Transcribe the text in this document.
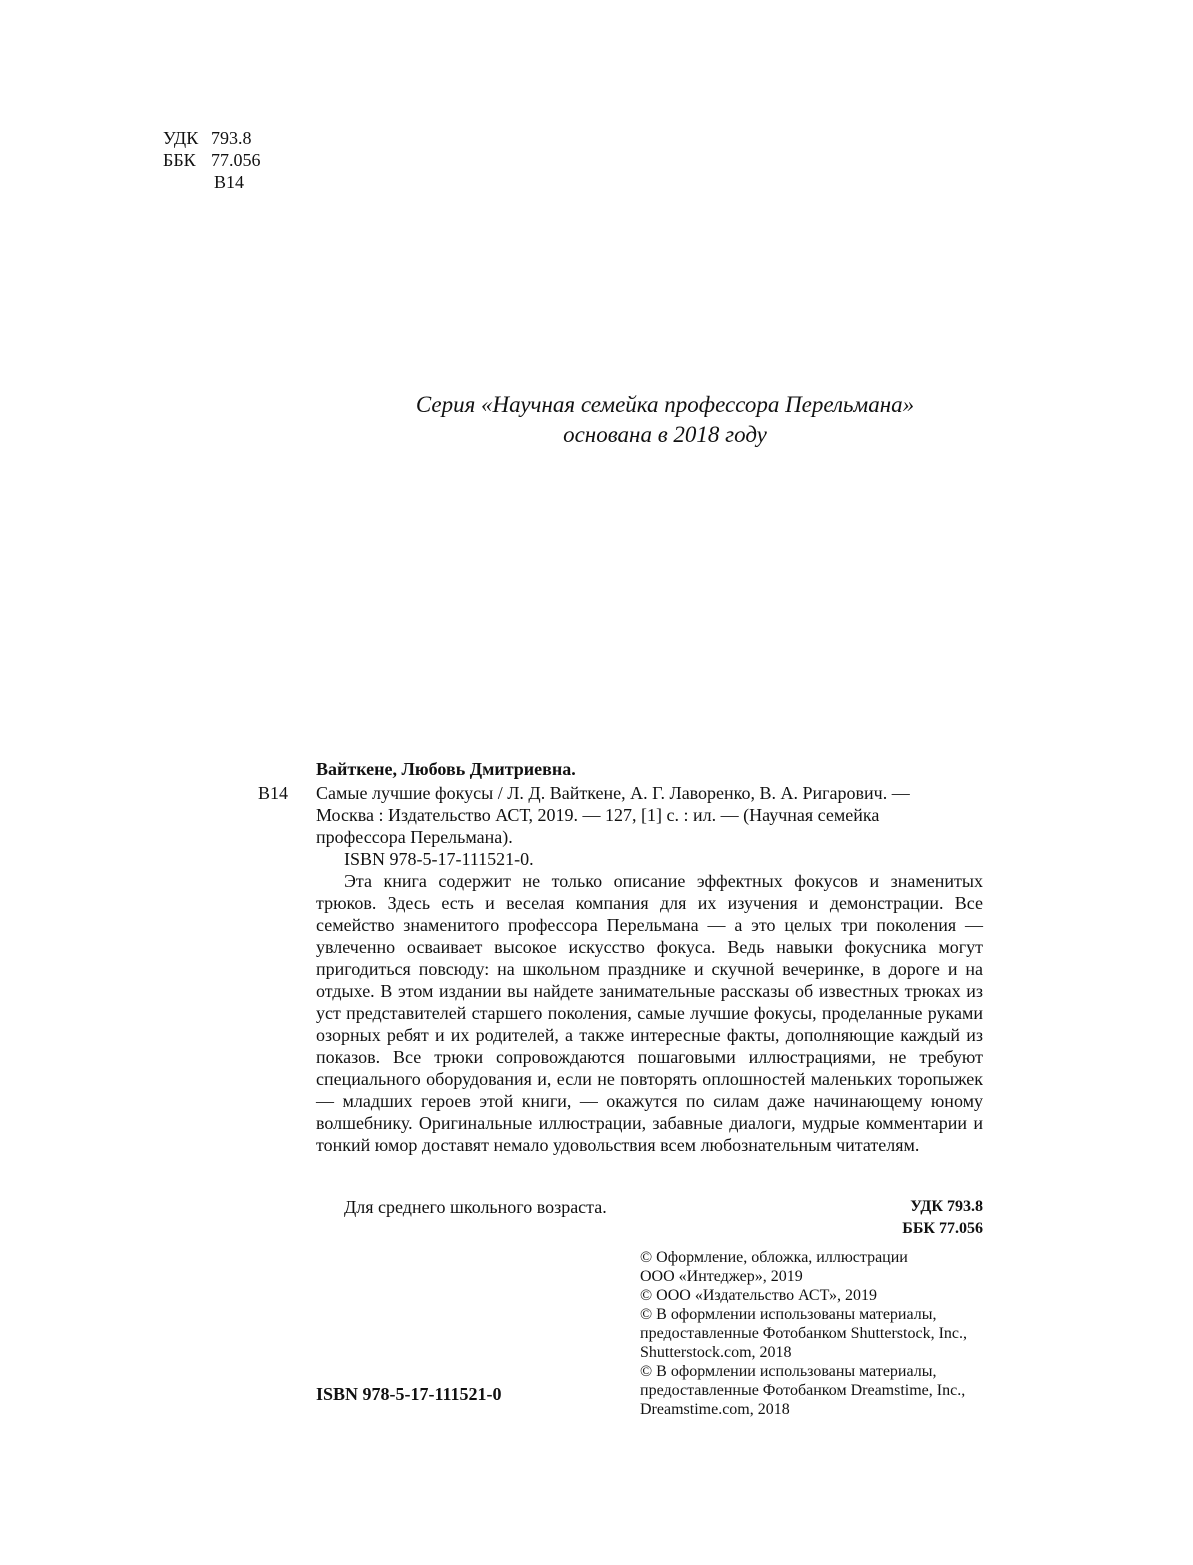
УДК 793.8
ББК 77.056
В14
Серия «Научная семейка профессора Перельмана»
основана в 2018 году
Вайткене, Любовь Дмитриевна.
В14 Самые лучшие фокусы / Л. Д. Вайткене, А. Г. Лаворенко, В. А. Ригарович. —
Москва : Издательство АСТ, 2019. — 127, [1] с. : ил. — (Научная семейка
профессора Перельмана).
ISBN 978-5-17-111521-0.

Эта книга содержит не только описание эффектных фокусов и знаменитых трюков. Здесь есть и веселая компания для их изучения и демонстрации. Все семейство знаменитого профессора Перельмана — а это целых три поколения — увлеченно осваивает высокое искусство фокуса. Ведь навыки фокусника могут пригодиться повсюду: на школьном празднике и скучной вечеринке, в дороге и на отдыхе. В этом издании вы найдете занимательные рассказы об известных трюках из уст представителей старшего поколения, самые лучшие фокусы, проделанные руками озорных ребят и их родителей, а также интересные факты, дополняющие каждый из показов. Все трюки сопровождаются пошаговыми иллюстрациями, не требуют специального оборудования и, если не повторять оплошностей маленьких торопыжек — младших героев этой книги, — окажутся по силам даже начинающему юному волшебнику. Оригинальные иллюстрации, забавные диалоги, мудрые комментарии и тонкий юмор доставят немало удовольствия всем любознательным читателям.

Для среднего школьного возраста.	УДК 793.8
ББК 77.056
© Оформление, обложка, иллюстрации
ООО «Интеджер», 2019
© ООО «Издательство АСТ», 2019
© В оформлении использованы материалы,
предоставленные Фотобанком Shutterstock, Inc.,
Shutterstock.com, 2018
© В оформлении использованы материалы,
предоставленные Фотобанком Dreamstime, Inc.,
Dreamstime.com, 2018
ISBN 978-5-17-111521-0
